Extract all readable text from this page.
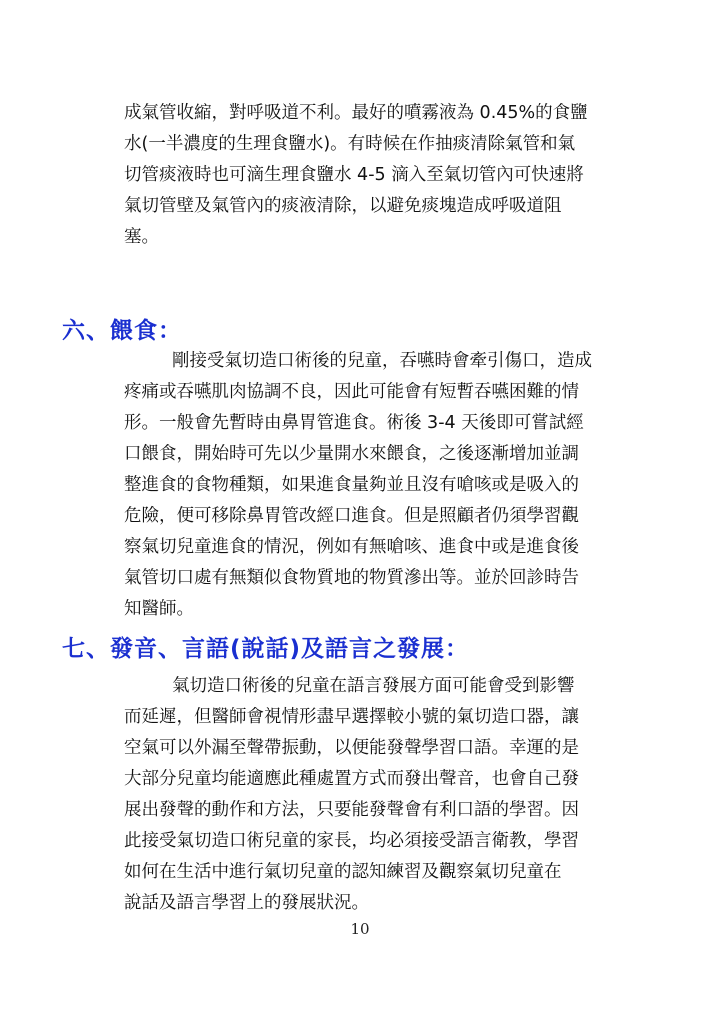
成氣管收縮，對呼吸道不利。最好的噴霧液為 0.45%的食鹽
水(一半濃度的生理食鹽水)。有時候在作抽痰清除氣管和氣
切管痰液時也可滴生理食鹽水 4-5 滴入至氣切管內可快速將
氣切管壁及氣管內的痰液清除，以避免痰塊造成呼吸道阻
塞。
六、餵食：
剛接受氣切造口術後的兒童，吞嚥時會牽引傷口，造成
疼痛或吞嚥肌肉協調不良，因此可能會有短暫吞嚥困難的情
形。一般會先暫時由鼻胃管進食。術後 3-4 天後即可嘗試經
口餵食，開始時可先以少量開水來餵食，之後逐漸增加並調
整進食的食物種類，如果進食量夠並且沒有嗆咳或是吸入的
危險，便可移除鼻胃管改經口進食。但是照顧者仍須學習觀
察氣切兒童進食的情況，例如有無嗆咳、進食中或是進食後
氣管切口處有無類似食物質地的物質滲出等。並於回診時告
知醫師。
七、發音、言語(說話)及語言之發展：
氣切造口術後的兒童在語言發展方面可能會受到影響
而延遲，但醫師會視情形盡早選擇較小號的氣切造口器，讓
空氣可以外漏至聲帶振動，以便能發聲學習口語。幸運的是
大部分兒童均能適應此種處置方式而發出聲音，也會自己發
展出發聲的動作和方法，只要能發聲會有利口語的學習。因
此接受氣切造口術兒童的家長，均必須接受語言衛教，學習
如何在生活中進行氣切兒童的認知練習及觀察氣切兒童在
說話及語言學習上的發展狀況。

10
